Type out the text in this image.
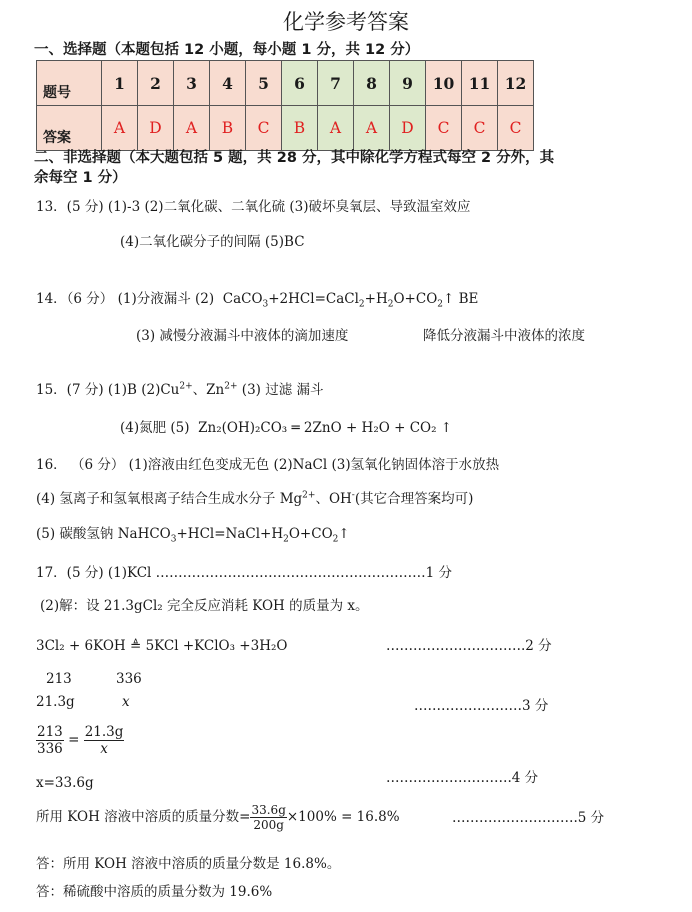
化学参考答案
一、选择题（本题包括 12 小题，每小题 1 分，共 12 分）
题号	1	2	3	4	5	6	7	8	9	10	11	12
答案	A	D	A	B	C	B	A	A	D	C	C	C
二、非选择题（本大题包括 5 题，共 28 分，其中除化学方程式每空 2 分外，其
余每空 1 分）
13．(5 分) (1)-3 (2)二氧化碳、二氧化硫 (3)破坏臭氧层、导致温室效应
(4)二氧化碳分子的间隔 (5)BC
14．（6 分） (1)分液漏斗 (2) $CaCO_3+2HCl=CaCl_2+H_2O+CO_2↑$ BE
(3) 减慢分液漏斗中液体的滴加速度	降低分液漏斗中液体的浓度
15．(7 分) (1)B $(2)Cu^{2+}$、$Zn^{2+}$ (3) 过滤 漏斗
(4)氮肥 (5) Zn₂(OH)₂CO₃ ═ 2ZnO + H₂O + CO₂ ↑
16． （6 分） (1)溶液由红色变成无色 (2)NaCl (3)氢氧化钠固体溶于水放热
(4) 氢离子和氢氧根离子结合生成水分子 $Mg^{2+}$、OH-(其它合理答案均可)
(5) 碳酸氢钠 $NaHCO_3+HCl=NaCl+H_2O+CO_2↑$
17．(5 分) (1)KCl ……………………………………………………1 分
(2)解：设 21.3gCl₂ 完全反应消耗 KOH 的质量为 x。
3Cl₂ + 6KOH ≜ 5KCl +KClO₃ +3H₂O	………………………….2 分
213	336
21.3g	x	……………………3 分
$\frac{213}{336} = \frac{21.3g}{x}$
x=33.6g	……………………….4 分
所用 KOH 溶液中溶质的质量分数= $\frac{33.6g}{200g} \times 100\% = 16.8\%$	……………………….5 分
答：所用 KOH 溶液中溶质的质量分数是 16.8%。
答：稀硫酸中溶质的质量分数为 19.6%
